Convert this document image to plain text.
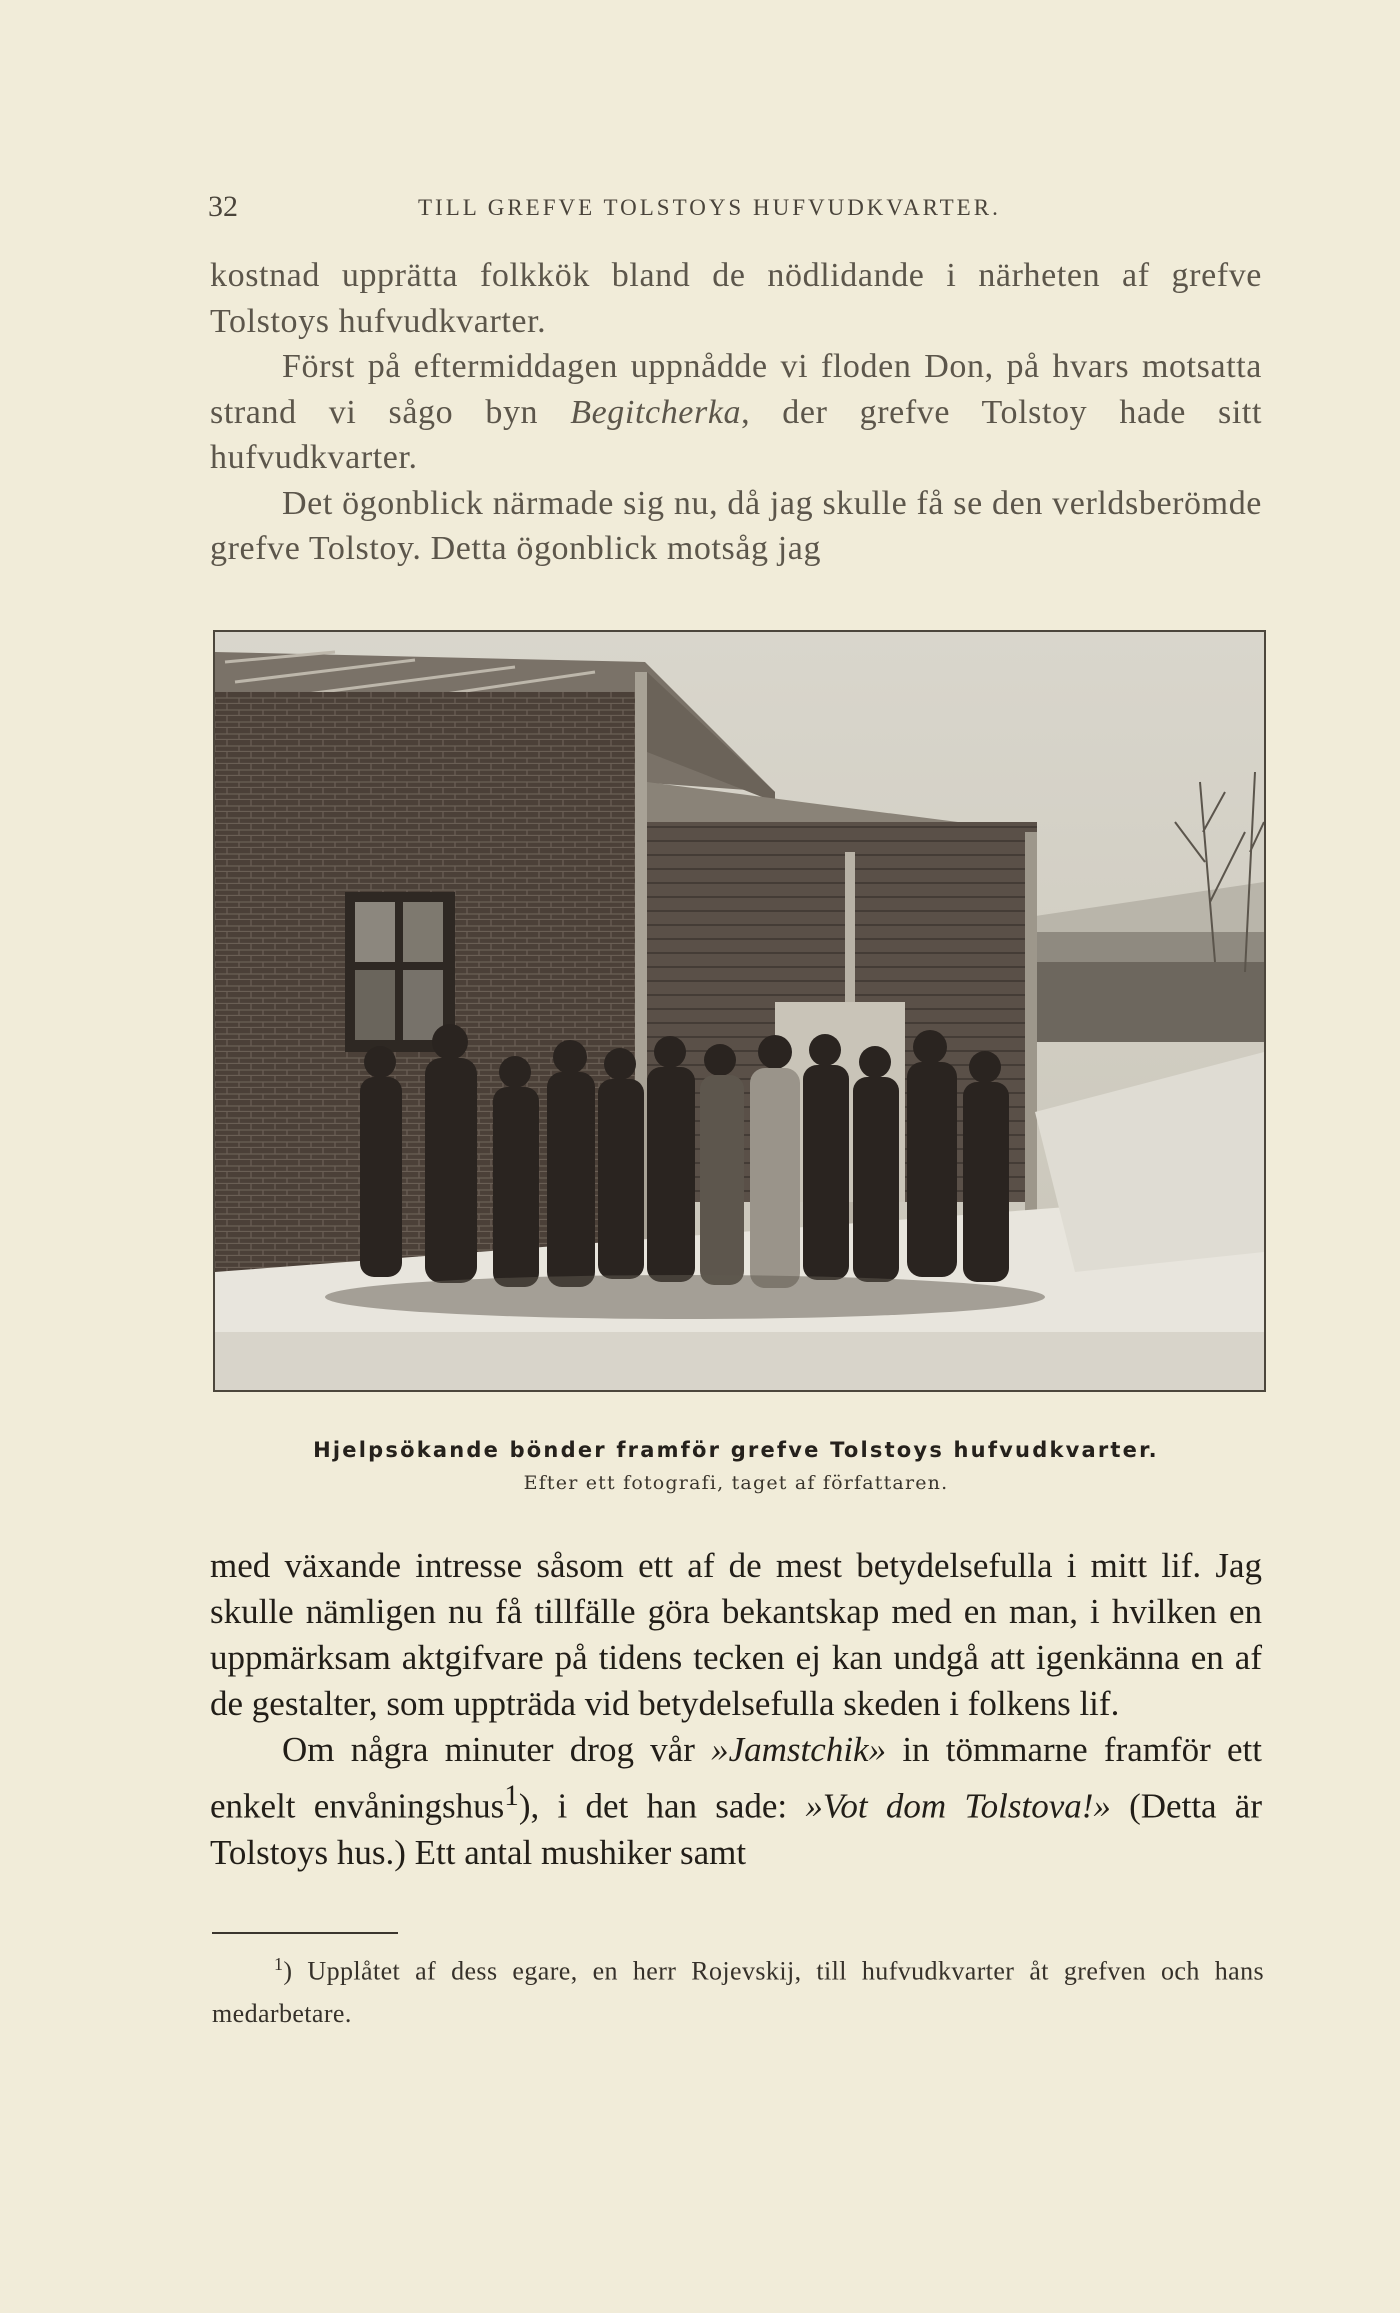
32	TILL GREFVE TOLSTOYS HUFVUDKVARTER.

kostnad upprätta folkkök bland de nödlidande i närheten af grefve Tolstoys hufvudkvarter.

Först på eftermiddagen uppnådde vi floden Don, på hvars motsatta strand vi sågo byn Begitcherka, der grefve Tolstoy hade sitt hufvudkvarter.

Det ögonblick närmade sig nu, då jag skulle få se den verldsberömde grefve Tolstoy. Detta ögonblick motsåg jag

Hjelpsökande bönder framför grefve Tolstoys hufvudkvarter.
Efter ett fotografi, taget af författaren.

med växande intresse såsom ett af de mest betydelsefulla i mitt lif. Jag skulle nämligen nu få tillfälle göra bekantskap med en man, i hvilken en uppmärksam aktgifvare på tidens tecken ej kan undgå att igenkänna en af de gestalter, som uppträda vid betydelsefulla skeden i folkens lif.

Om några minuter drog vår »Jamstchik» in tömmarne framför ett enkelt envåningshus$^1$), i det han sade: »Vot dom Tolstova!» (Detta är Tolstoys hus.) Ett antal mushiker samt

$^1$) Upplåtet af dess egare, en herr Rojevskij, till hufvudkvarter åt grefven och hans medarbetare.
